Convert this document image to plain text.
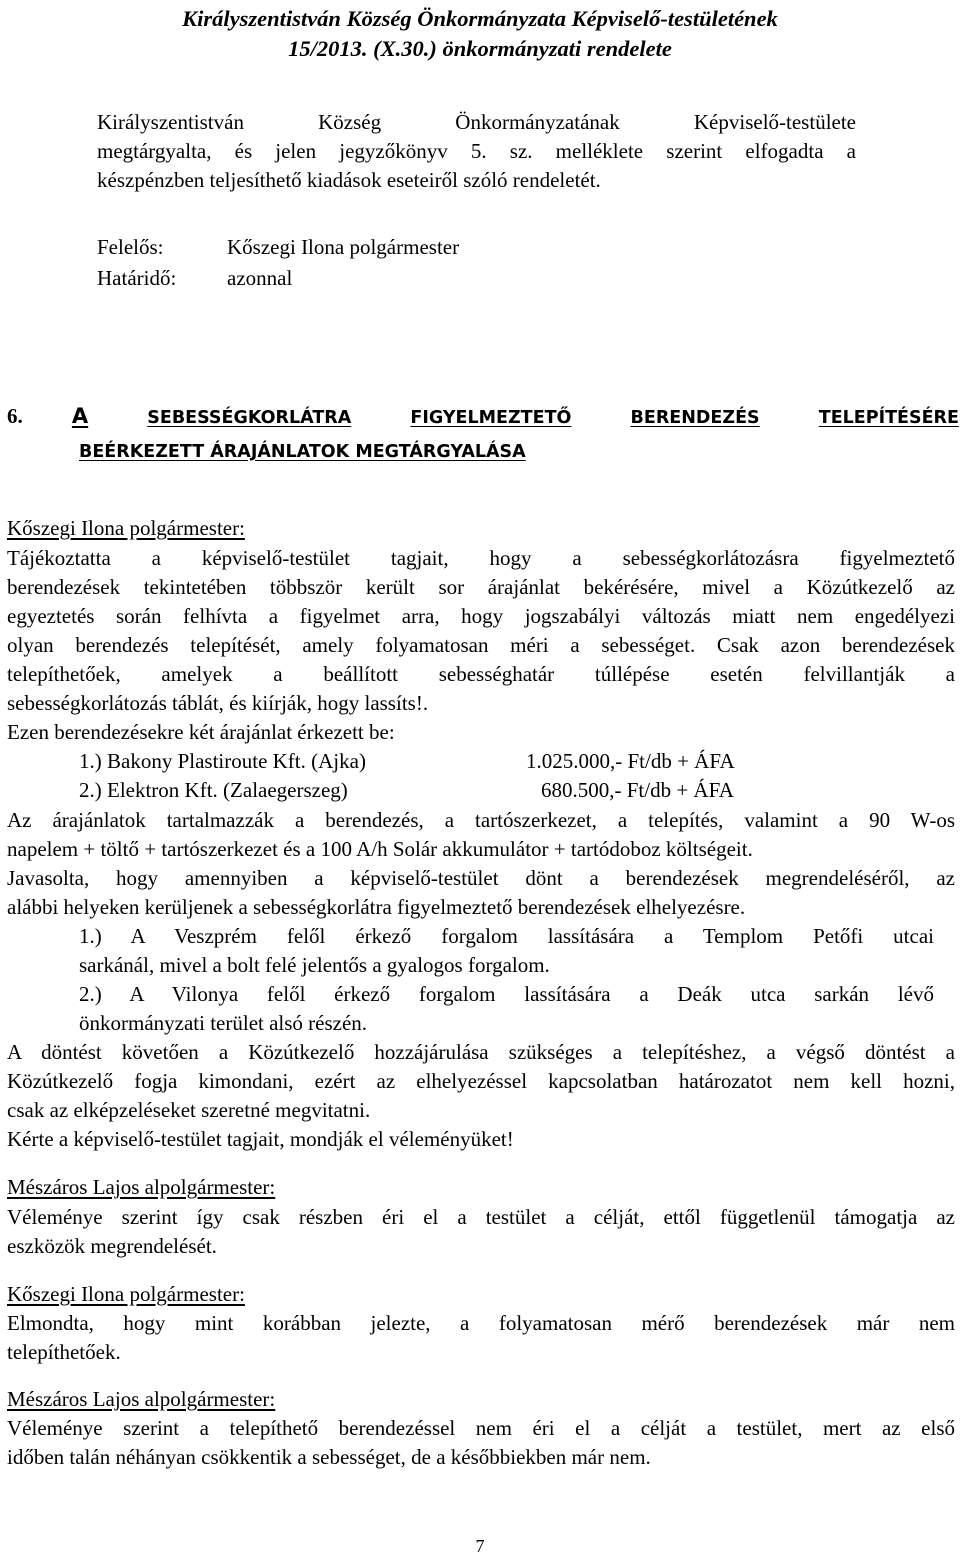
Királyszentistván Község Önkormányzata Képviselő-testületének
15/2013. (X.30.) önkormányzati rendelete
Királyszentistván Község Önkormányzatának Képviselő-testülete
megtárgyalta, és jelen jegyzőkönyv 5. sz. melléklete szerint elfogadta a
készpénzben teljesíthető kiadások eseteiről szóló rendeletét.
Felelős:	Kőszegi Ilona polgármester
Határidő: azonnal
6. A	SEBESSÉGKORLÁTRA	FIGYELMEZTETŐ	BERENDEZÉS	TELEPÍTÉSÉRE
BEÉRKEZETT ÁRAJÁNLATOK MEGTÁRGYALÁSA
Kőszegi Ilona polgármester:
Tájékoztatta a képviselő-testület tagjait, hogy a sebességkorlátozásra figyelmeztető
berendezések tekintetében többször került sor árajánlat bekérésére, mivel a Közútkezelő az
egyeztetés során felhívta a figyelmet arra, hogy jogszabályi változás miatt nem engedélyezi
olyan berendezés telepítését, amely folyamatosan méri a sebességet. Csak azon berendezések
telepíthetőek, amelyek a beállított sebességhatár túllépése esetén felvillantják a
sebességkorlátozás táblát, és kiírják, hogy lassíts!.
Ezen berendezésekre két árajánlat érkezett be:
1.) Bakony Plastiroute Kft. (Ajka)	1.025.000,- Ft/db + ÁFA
2.) Elektron Kft. (Zalaegerszeg)	680.500,- Ft/db + ÁFA
Az árajánlatok tartalmazzák a berendezés, a tartószerkezet, a telepítés, valamint a 90 W-os
napelem + töltő + tartószerkezet és a 100 A/h Solár akkumulátor + tartódoboz költségeit.
Javasolta, hogy amennyiben a képviselő-testület dönt a berendezések megrendeléséről, az
alábbi helyeken kerüljenek a sebességkorlátra figyelmeztető berendezések elhelyezésre.
1.) A Veszprém felől érkező forgalom lassítására a Templom Petőfi utcai
sarkánál, mivel a bolt felé jelentős a gyalogos forgalom.
2.) A Vilonya felől érkező forgalom lassítására a Deák utca sarkán lévő
önkormányzati terület alsó részén.
A döntést követően a Közútkezelő hozzájárulása szükséges a telepítéshez, a végső döntést a
Közútkezelő fogja kimondani, ezért az elhelyezéssel kapcsolatban határozatot nem kell hozni,
csak az elképzeléseket szeretné megvitatni.
Kérte a képviselő-testület tagjait, mondják el véleményüket!
Mészáros Lajos alpolgármester:
Véleménye szerint így csak részben éri el a testület a célját, ettől függetlenül támogatja az
eszközök megrendelését.
Kőszegi Ilona polgármester:
Elmondta, hogy mint korábban jelezte, a folyamatosan mérő berendezések már nem
telepíthetőek.
Mészáros Lajos alpolgármester:
Véleménye szerint a telepíthető berendezéssel nem éri el a célját a testület, mert az első
időben talán néhányan csökkentik a sebességet, de a későbbiekben már nem.
7
